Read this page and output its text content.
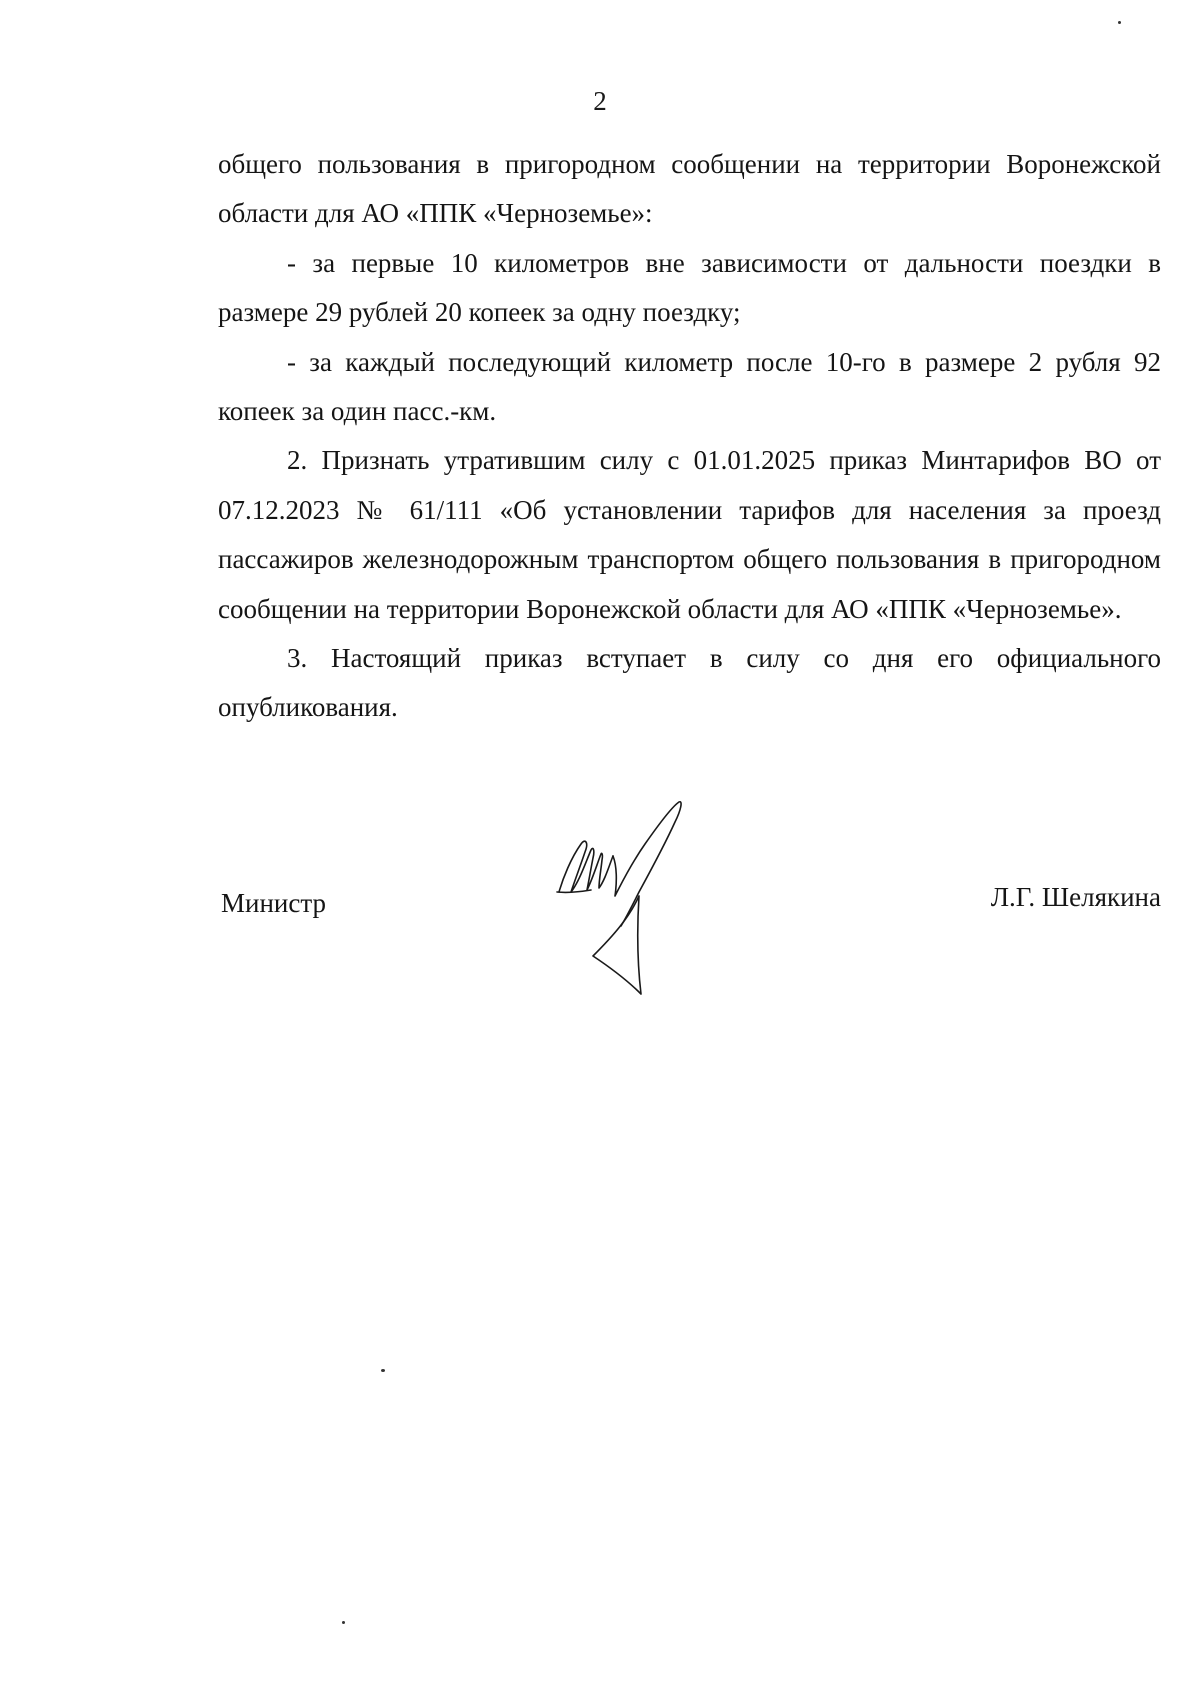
2

общего пользования в пригородном сообщении на территории Воронежской области для АО «ППК «Черноземье»:

- за первые 10 километров вне зависимости от дальности поездки в размере 29 рублей 20 копеек за одну поездку;

- за каждый последующий километр после 10-го в размере 2 рубля 92 копеек за один пасс.-км.

2. Признать утратившим силу с 01.01.2025 приказ Минтарифов ВО от 07.12.2023 № 61/111 «Об установлении тарифов для населения за проезд пассажиров железнодорожным транспортом общего пользования в пригородном сообщении на территории Воронежской области для АО «ППК «Черноземье».

3. Настоящий приказ вступает в силу со дня его официального опубликования.

Министр	Л.Г. Шелякина
